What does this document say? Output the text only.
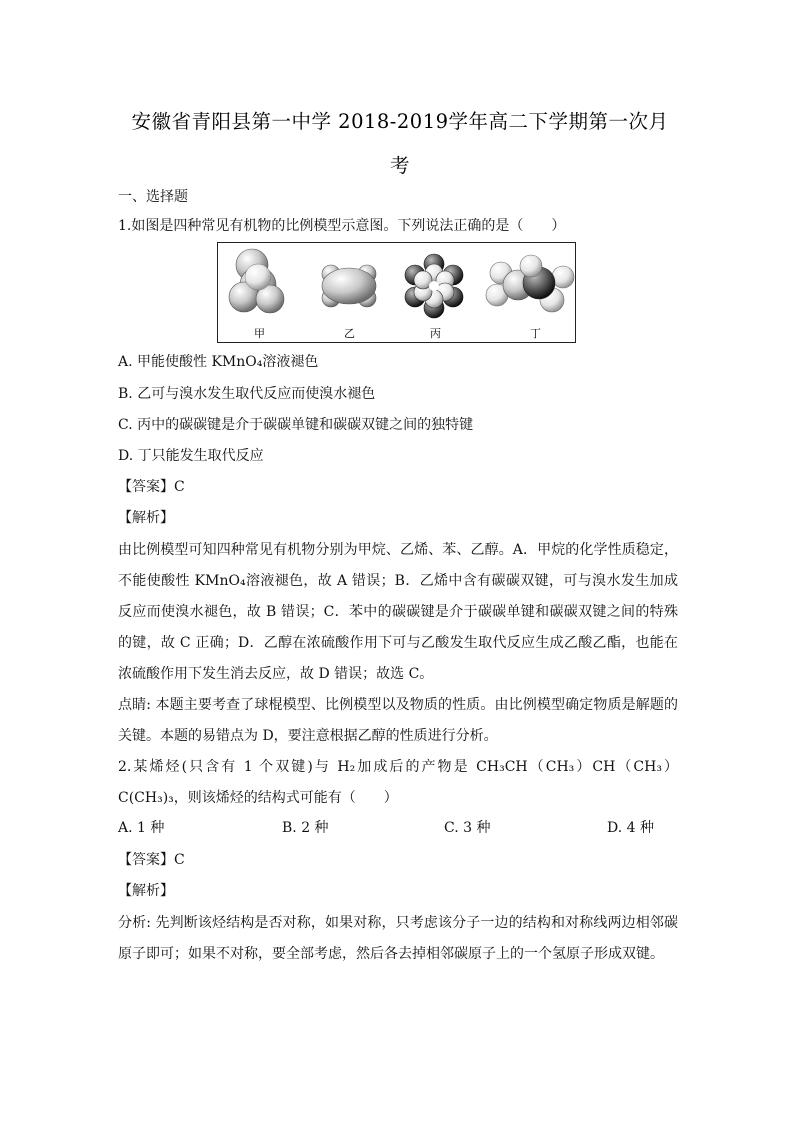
安徽省青阳县第一中学 2018-2019学年高二下学期第一次月
考
一、选择题
1.如图是四种常见有机物的比例模型示意图。下列说法正确的是（　　）
甲	乙	丙	丁
A. 甲能使酸性 KMnO₄溶液褪色
B. 乙可与溴水发生取代反应而使溴水褪色
C. 丙中的碳碳键是介于碳碳单键和碳碳双键之间的独特键
D. 丁只能发生取代反应
【答案】C
【解析】
由比例模型可知四种常见有机物分别为甲烷、乙烯、苯、乙醇。A．甲烷的化学性质稳定，不能使酸性 KMnO₄溶液褪色，故 A 错误；B．乙烯中含有碳碳双键，可与溴水发生加成反应而使溴水褪色，故 B 错误；C．苯中的碳碳键是介于碳碳单键和碳碳双键之间的特殊的键，故 C 正确；D．乙醇在浓硫酸作用下可与乙酸发生取代反应生成乙酸乙酯，也能在浓硫酸作用下发生消去反应，故 D 错误；故选 C。
点睛: 本题主要考查了球棍模型、比例模型以及物质的性质。由比例模型确定物质是解题的关键。本题的易错点为 D，要注意根据乙醇的性质进行分析。
2.某烯烃(只含有 1 个双键)与 H₂加成后的产物是 CH₃CH（CH₃）CH（CH₃）C(CH₃)₃，则该烯烃的结构式可能有（　　）
A. 1 种	B. 2 种	C. 3 种	D. 4 种
【答案】C
【解析】
分析: 先判断该烃结构是否对称，如果对称，只考虑该分子一边的结构和对称线两边相邻碳原子即可；如果不对称，要全部考虑，然后各去掉相邻碳原子上的一个氢原子形成双键。
